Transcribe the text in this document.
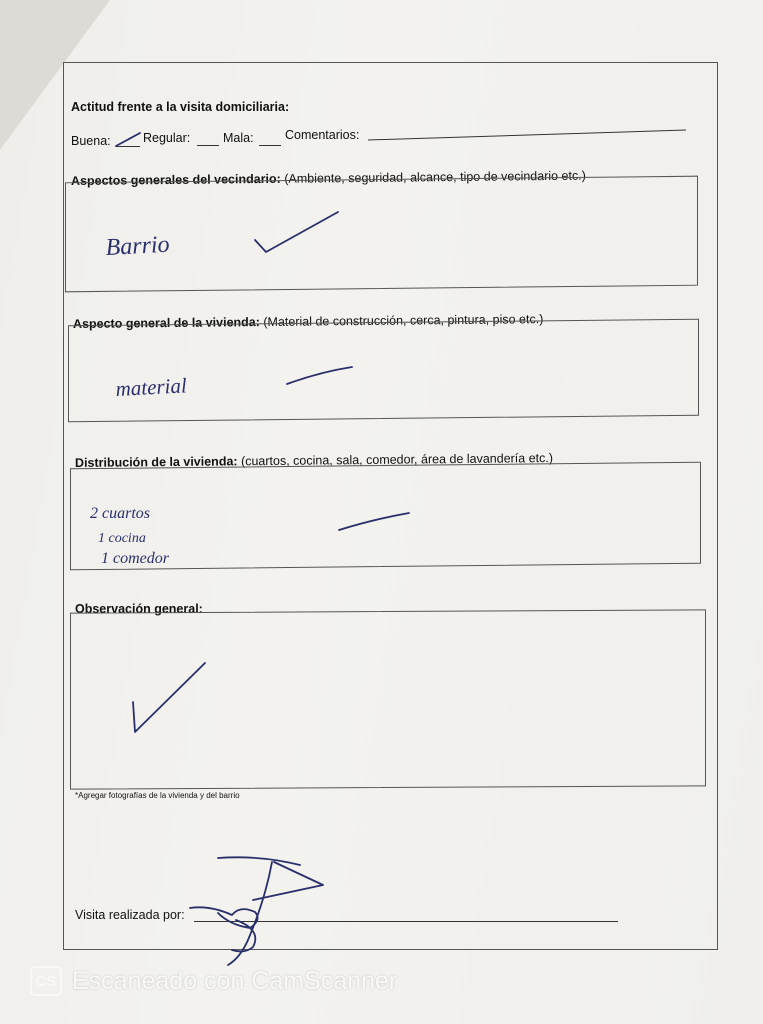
Actitud frente a la visita domiciliaria:
Buena:	Regular:	Mala:	Comentarios:
Aspectos generales del vecindario: (Ambiente, seguridad, alcance, tipo de vecindario etc.)
Aspecto general de la vivienda: (Material de construcción, cerca, pintura, piso etc.)
Distribución de la vivienda: (cuartos, cocina, sala, comedor, área de lavandería etc.)
Observación general:
*Agregar fotografías de la vivienda y del barrio
Visita realizada por:
Barrio
material
2 cuartos
1 cocina
1 comedor
CS Escaneado con CamScanner
